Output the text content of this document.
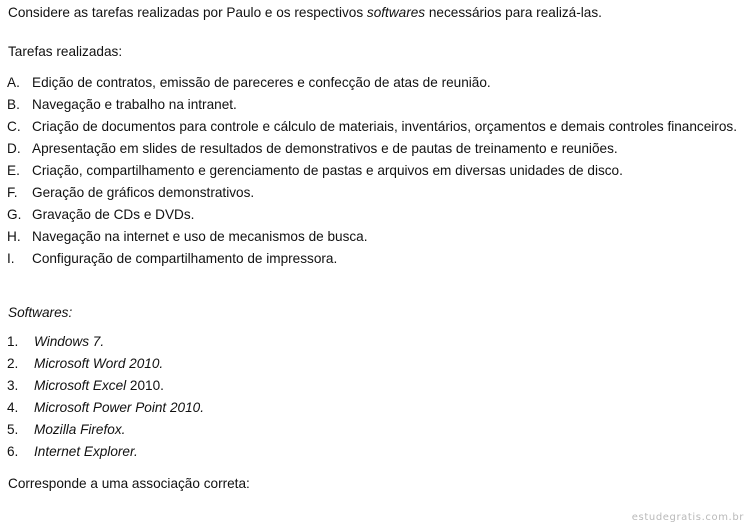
Considere as tarefas realizadas por Paulo e os respectivos softwares necessários para realizá-las.
Tarefas realizadas:
A. Edição de contratos, emissão de pareceres e confecção de atas de reunião.
B. Navegação e trabalho na intranet.
C. Criação de documentos para controle e cálculo de materiais, inventários, orçamentos e demais controles financeiros.
D. Apresentação em slides de resultados de demonstrativos e de pautas de treinamento e reuniões.
E. Criação, compartilhamento e gerenciamento de pastas e arquivos em diversas unidades de disco.
F. Geração de gráficos demonstrativos.
G. Gravação de CDs e DVDs.
H. Navegação na internet e uso de mecanismos de busca.
I. Configuração de compartilhamento de impressora.
Softwares:
1. Windows 7.
2. Microsoft Word 2010.
3. Microsoft Excel 2010.
4. Microsoft Power Point 2010.
5. Mozilla Firefox.
6. Internet Explorer.
Corresponde a uma associação correta:
estudegratis.com.br
